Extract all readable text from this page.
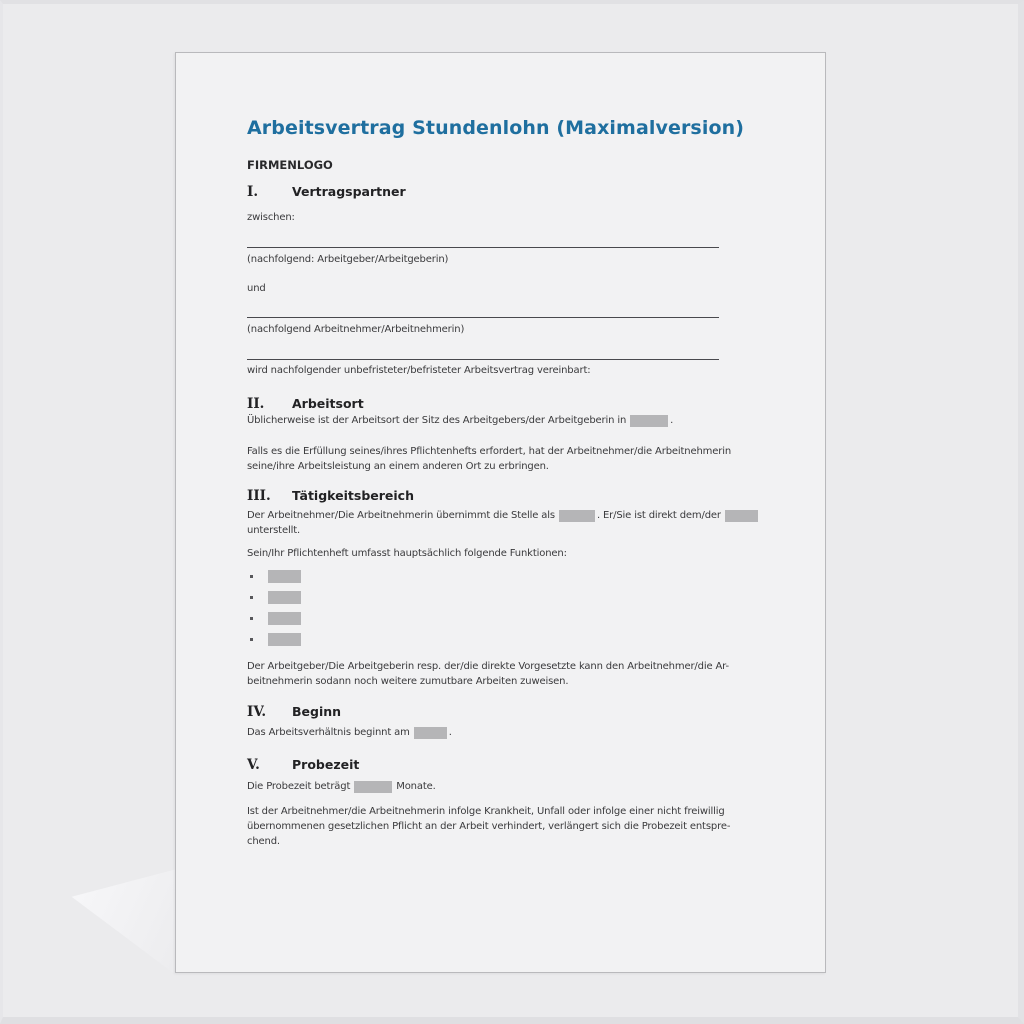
Arbeitsvertrag Stundenlohn (Maximalversion)
FIRMENLOGO
I.	Vertragspartner

zwischen:

(nachfolgend: Arbeitgeber/Arbeitgeberin)

und

(nachfolgend Arbeitnehmer/Arbeitnehmerin)

wird nachfolgender unbefristeter/befristeter Arbeitsvertrag vereinbart:

II.	Arbeitsort

Üblicherweise ist der Arbeitsort der Sitz des Arbeitgebers/der Arbeitgeberin in	.

Falls es die Erfüllung seines/ihres Pflichtenhefts erfordert, hat der Arbeitnehmer/die Arbeitnehmerin
seine/ihre Arbeitsleistung an einem anderen Ort zu erbringen.

III.	Tätigkeitsbereich

Der Arbeitnehmer/Die Arbeitnehmerin übernimmt die Stelle als	. Er/Sie ist direkt dem/der
unterstellt.

Sein/Ihr Pflichtenheft umfasst hauptsächlich folgende Funktionen:

Der Arbeitgeber/Die Arbeitgeberin resp. der/die direkte Vorgesetzte kann den Arbeitnehmer/die Ar-
beitnehmerin sodann noch weitere zumutbare Arbeiten zuweisen.

IV.	Beginn

Das Arbeitsverhältnis beginnt am	.

V.	Probezeit

Die Probezeit beträgt	Monate.

Ist der Arbeitnehmer/die Arbeitnehmerin infolge Krankheit, Unfall oder infolge einer nicht freiwillig
übernommenen gesetzlichen Pflicht an der Arbeit verhindert, verlängert sich die Probezeit entspre-
chend.
